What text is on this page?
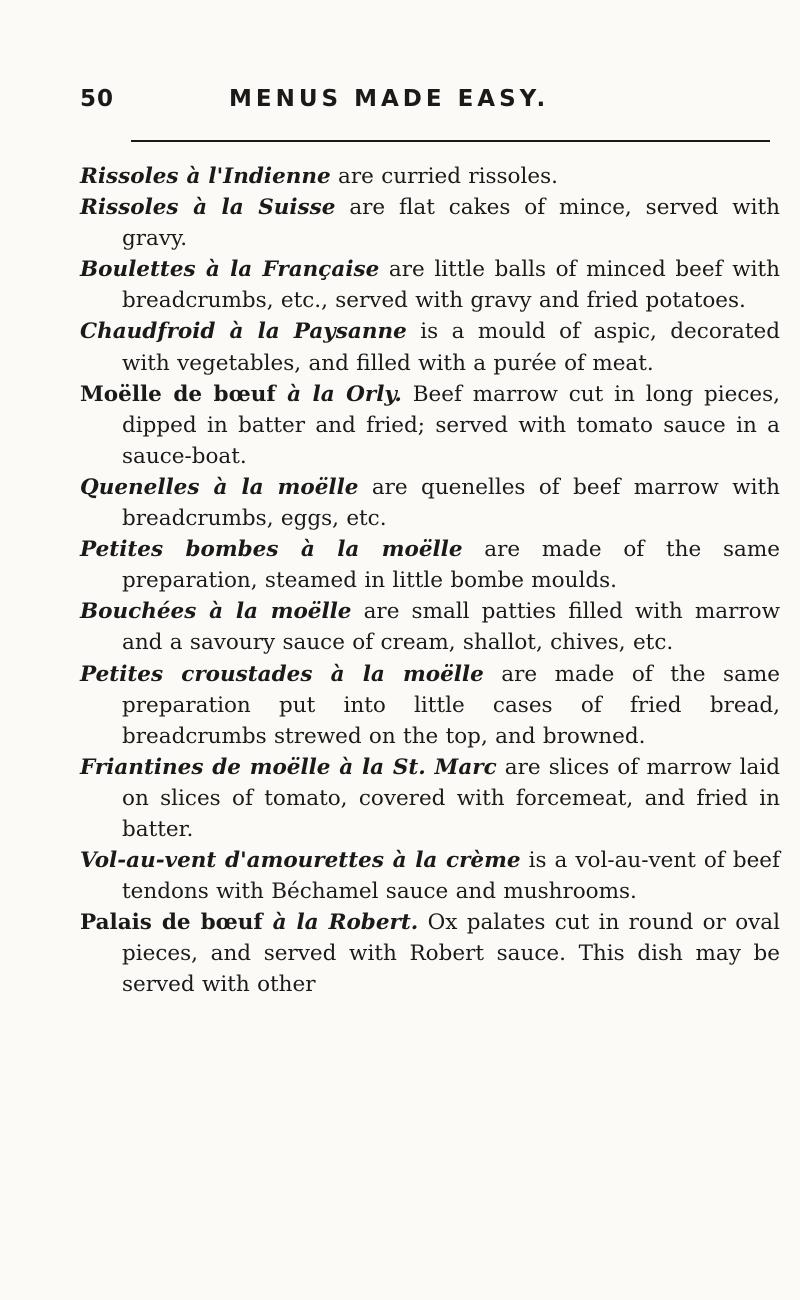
50	MENUS MADE EASY.

Rissoles à l'Indienne are curried rissoles.

Rissoles à la Suisse are flat cakes of mince, served with gravy.

Boulettes à la Française are little balls of minced beef with breadcrumbs, etc., served with gravy and fried potatoes.

Chaudfroid à la Paysanne is a mould of aspic, decorated with vegetables, and filled with a purée of meat.

Moëlle de bœuf à la Orly. Beef marrow cut in long pieces, dipped in batter and fried; served with tomato sauce in a sauce-boat.

Quenelles à la moëlle are quenelles of beef marrow with breadcrumbs, eggs, etc.

Petites bombes à la moëlle are made of the same preparation, steamed in little bombe moulds.

Bouchées à la moëlle are small patties filled with marrow and a savoury sauce of cream, shallot, chives, etc.

Petites croustades à la moëlle are made of the same preparation put into little cases of fried bread, breadcrumbs strewed on the top, and browned.

Friantines de moëlle à la St. Marc are slices of marrow laid on slices of tomato, covered with forcemeat, and fried in batter.

Vol-au-vent d'amourettes à la crème is a vol-au-vent of beef tendons with Béchamel sauce and mushrooms.

Palais de bœuf à la Robert. Ox palates cut in round or oval pieces, and served with Robert sauce. This dish may be served with other
